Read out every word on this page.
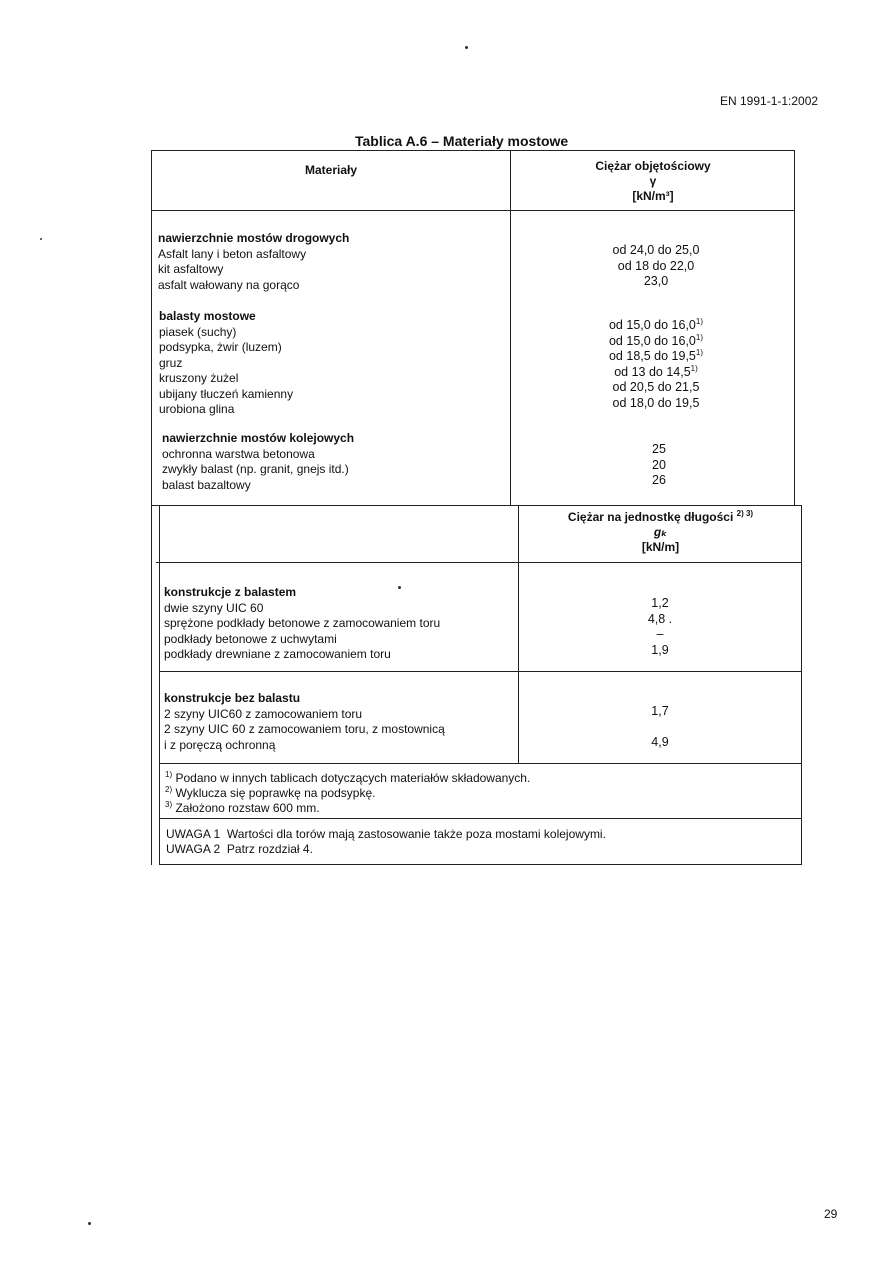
EN 1991-1-1:2002
Tablica A.6 – Materiały mostowe
Materiały	Ciężar objętościowy
γ
[kN/m³]
nawierzchnie mostów drogowych
Asfalt lany i beton asfaltowy
kit asfaltowy
asfalt wałowany na gorąco
od 24,0 do 25,0
od 18 do 22,0
23,0
balasty mostowe
piasek (suchy)
podsypka, żwir (luzem)
gruz
kruszony żużel
ubijany tłuczeń kamienny
urobiona glina
od 15,0 do 16,0$^{1)}$
od 15,0 do 16,0$^{1)}$
od 18,5 do 19,5$^{1)}$
od 13 do 14,5$^{1)}$
od 20,5 do 21,5
od 18,0 do 19,5
nawierzchnie mostów kolejowych
ochronna warstwa betonowa
zwykły balast (np. granit, gnejs itd.)
balast bazaltowy
25
20
26
Ciężar na jednostkę długości $^{2) 3)}$
gₖ
[kN/m]
konstrukcje z balastem
dwie szyny UIC 60
sprężone podkłady betonowe z zamocowaniem toru
podkłady betonowe z uchwytami
podkłady drewniane z zamocowaniem toru
1,2
4,8 .
–
1,9
konstrukcje bez balastu
2 szyny UIC60 z zamocowaniem toru
2 szyny UIC 60 z zamocowaniem toru, z mostownicą
i z poręczą ochronną
1,7
4,9
$^{1)}$ Podano w innych tablicach dotyczących materiałów składowanych.
$^{2)}$ Wyklucza się poprawkę na podsypkę.
$^{3)}$ Założono rozstaw 600 mm.
UWAGA 1  Wartości dla torów mają zastosowanie także poza mostami kolejowymi.
UWAGA 2  Patrz rozdział 4.
29
